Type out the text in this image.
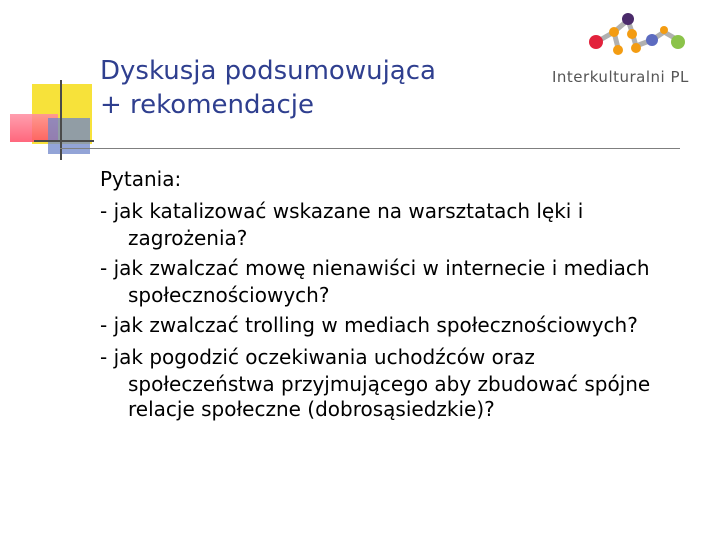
Dyskusja podsumowująca
+ rekomendacje
Interkulturalni PL
Pytania:
- jak katalizować wskazane na warsztatach lęki i
zagrożenia?
- jak zwalczać mowę nienawiści w internecie i mediach
społecznościowych?
- jak zwalczać trolling w mediach społecznościowych?
- jak pogodzić oczekiwania uchodźców oraz
społeczeństwa przyjmującego aby zbudować spójne
relacje społeczne (dobrosąsiedzkie)?
